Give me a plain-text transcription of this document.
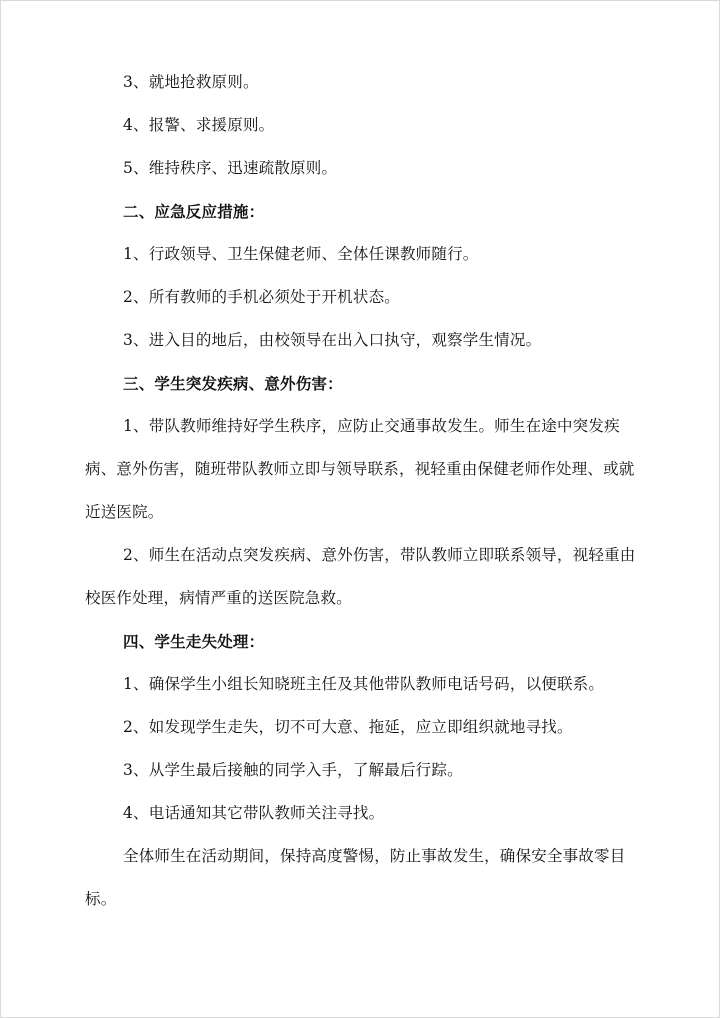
3、就地抢救原则。

4、报警、求援原则。

5、维持秩序、迅速疏散原则。

二、应急反应措施：

1、行政领导、卫生保健老师、全体任课教师随行。

2、所有教师的手机必须处于开机状态。

3、进入目的地后，由校领导在出入口执守，观察学生情况。

三、学生突发疾病、意外伤害：

1、带队教师维持好学生秩序，应防止交通事故发生。师生在途中突发疾病、意外伤害，随班带队教师立即与领导联系，视轻重由保健老师作处理、或就近送医院。

2、师生在活动点突发疾病、意外伤害，带队教师立即联系领导，视轻重由校医作处理，病情严重的送医院急救。

四、学生走失处理：

1、确保学生小组长知晓班主任及其他带队教师电话号码，以便联系。

2、如发现学生走失，切不可大意、拖延，应立即组织就地寻找。

3、从学生最后接触的同学入手，了解最后行踪。

4、电话通知其它带队教师关注寻找。

全体师生在活动期间，保持高度警惕，防止事故发生，确保安全事故零目标。
